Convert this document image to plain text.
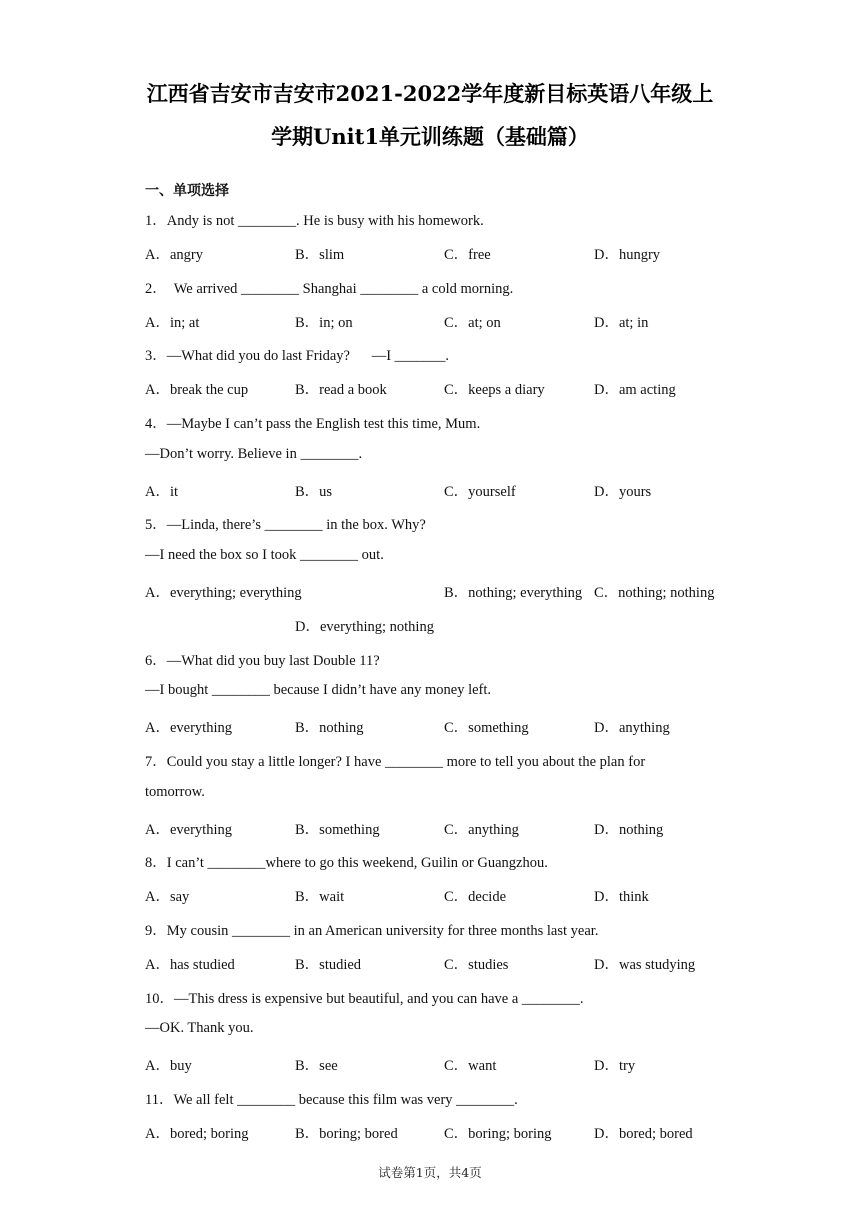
江西省吉安市吉安市2021-2022学年度新目标英语八年级上
学期Unit1单元训练题（基础篇）
一、单项选择
1．Andy is not ________. He is busy with his homework.
A．angry	B．slim	C．free	D．hungry
2．  We arrived ________ Shanghai ________ a cold morning.
A．in; at	B．in; on	C．at; on	D．at; in
3．—What did you do last Friday?      —I _______.
A．break the cup	B．read a book	C．keeps a diary	D．am acting
4．—Maybe I can’t pass the English test this time, Mum.
—Don’t worry. Believe in ________.
A．it	B．us	C．yourself	D．yours
5．—Linda, there’s ________ in the box. Why?
—I need the box so I took ________ out.
A．everything; everything	B．nothing; everything C．nothing; nothing
D．everything; nothing
6．—What did you buy last Double 11?
—I bought ________ because I didn’t have any money left.
A．everything	B．nothing	C．something	D．anything
7．Could you stay a little longer? I have ________ more to tell you about the plan for
tomorrow.
A．everything	B．something	C．anything	D．nothing
8．I can’t ________where to go this weekend, Guilin or Guangzhou.
A．say	B．wait	C．decide	D．think
9．My cousin ________ in an American university for three months last year.
A．has studied	B．studied	C．studies	D．was studying
10．—This dress is expensive but beautiful, and you can have a ________.
—OK. Thank you.
A．buy	B．see	C．want	D．try
11．We all felt ________ because this film was very ________.
A．bored; boring	B．boring; bored	C．boring; boring	D．bored; bored
试卷第1页，共4页
